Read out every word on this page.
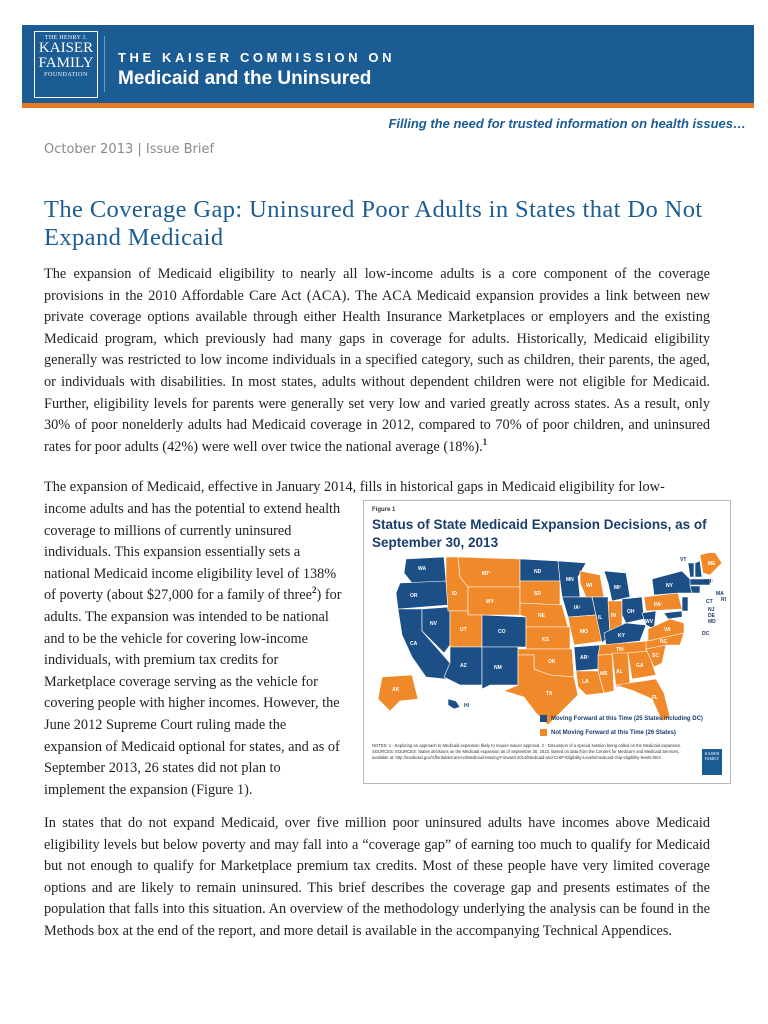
THE HENRY J.
KAISER
FAMILY
FOUNDATION
THE KAISER COMMISSION ON
Medicaid and the Uninsured
Filling the need for trusted information on health issues…
October 2013 | Issue Brief
The Coverage Gap: Uninsured Poor Adults in States that Do Not Expand Medicaid

The expansion of Medicaid eligibility to nearly all low-income adults is a core component of the coverage provisions in the 2010 Affordable Care Act (ACA). The ACA Medicaid expansion provides a link between new private coverage options available through either Health Insurance Marketplaces or employers and the existing Medicaid program, which previously had many gaps in coverage for adults. Historically, Medicaid eligibility generally was restricted to low income individuals in a specified category, such as children, their parents, the aged, or individuals with disabilities. In most states, adults without dependent children were not eligible for Medicaid. Further, eligibility levels for parents were generally set very low and varied greatly across states. As a result, only 30% of poor nonelderly adults had Medicaid coverage in 2012, compared to 70% of poor children, and uninsured rates for poor adults (42%) were well over twice the national average (18%).$^1$

The expansion of Medicaid, effective in January 2014, fills in historical gaps in Medicaid eligibility for low-

income adults and has the potential to extend health coverage to millions of currently uninsured individuals. This expansion essentially sets a national Medicaid income eligibility level of 138% of poverty (about $27,000 for a family of three$^2$) for adults. The expansion was intended to be national and to be the vehicle for covering low-income individuals, with premium tax credits for Marketplace coverage serving as the vehicle for covering people with higher incomes. However, the June 2012 Supreme Court ruling made the expansion of Medicaid optional for states, and as of September 2013, 26 states did not plan to implement the expansion (Figure 1).

Figure 1
Status of State Medicaid Expansion Decisions, as of September 30, 2013
WA
OR
CA
NV
ID
MT¹
WY
UT
AZ
CO
NM
ND
SD
NE
KS
OK
TX
MN
IA¹
MO
AR¹
LA
WI
IL
MS
MI²
IN
KY
TN¹
AL
OH
WV
GA
FL
SC
NC
VA
PA¹
NY
VT
NH¹
ME
MA
CT RI
NJ
DE
MD
DC
AK
HI
Moving Forward at this Time (25 States including DC)
Not Moving Forward at this Time (26 States)
NOTES: 1 - Exploring an approach to Medicaid expansion likely to require waiver approval. 2 - Discussion of a special session being called on the Medicaid expansion.
SOURCES: SOURCES: States decisions on the Medicaid expansion as of September 30, 2013. Based on data from the Centers for Medicare and Medicaid Services, available at: http://medicaid.gov/AffordableCareAct/Medicaid-Moving-Forward-2014/Medicaid-and-CHIP-Eligibility-Levels/medicaid-chip-eligibility-levels.html
KAISER FAMILY

In states that do not expand Medicaid, over five million poor uninsured adults have incomes above Medicaid eligibility levels but below poverty and may fall into a “coverage gap” of earning too much to qualify for Medicaid but not enough to qualify for Marketplace premium tax credits. Most of these people have very limited coverage options and are likely to remain uninsured. This brief describes the coverage gap and presents estimates of the population that falls into this situation. An overview of the methodology underlying the analysis can be found in the Methods box at the end of the report, and more detail is available in the accompanying Technical Appendices.
